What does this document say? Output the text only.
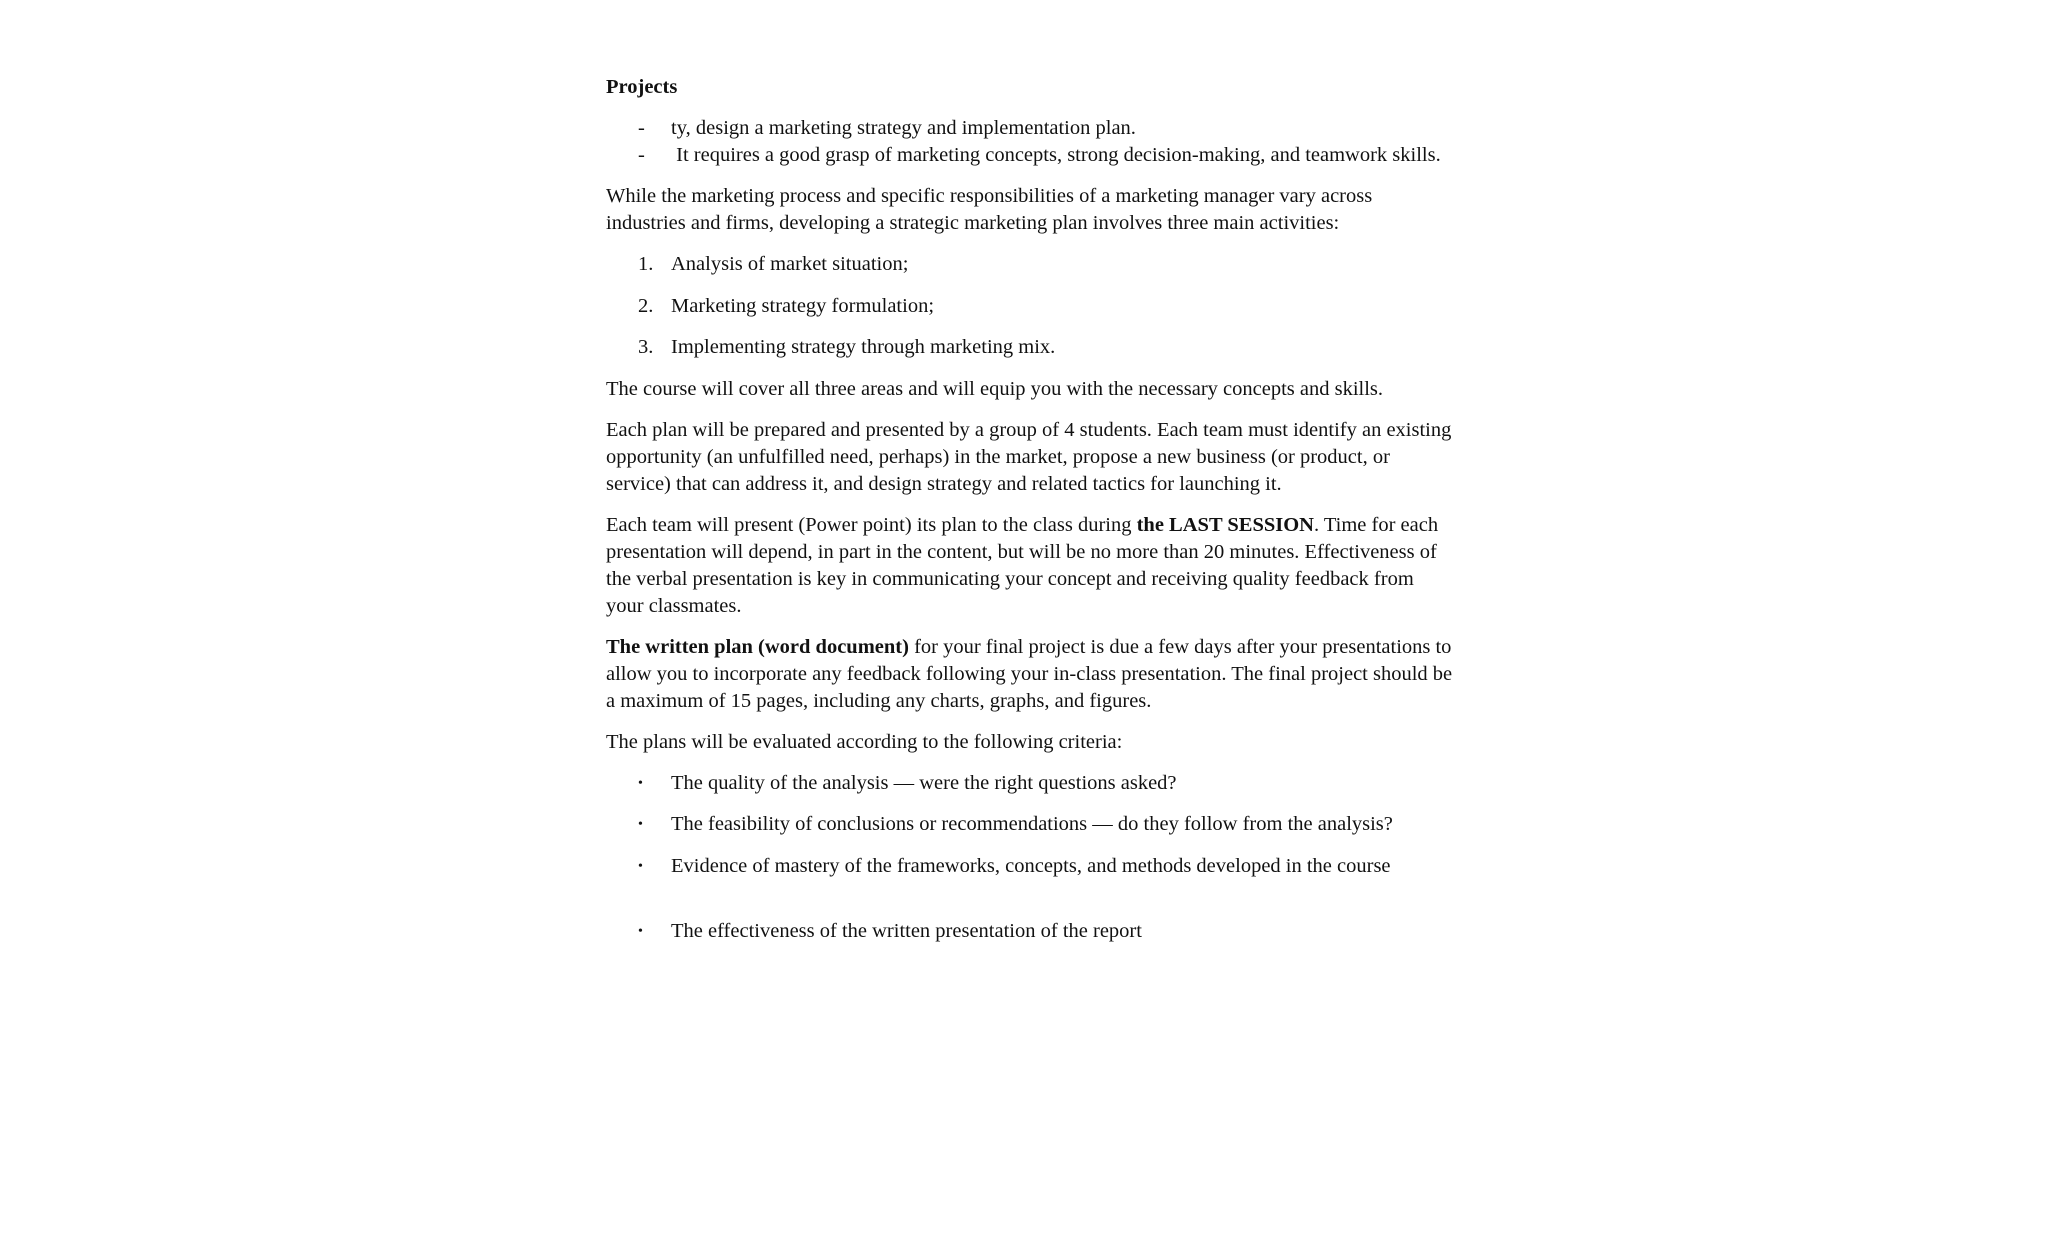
Projects
- ty, design a marketing strategy and implementation plan.
- It requires a good grasp of marketing concepts, strong decision-making, and teamwork skills.

While the marketing process and specific responsibilities of a marketing manager vary across industries and firms, developing a strategic marketing plan involves three main activities:

1. Analysis of market situation;
2. Marketing strategy formulation;
3. Implementing strategy through marketing mix.

The course will cover all three areas and will equip you with the necessary concepts and skills.

Each plan will be prepared and presented by a group of 4 students. Each team must identify an existing opportunity (an unfulfilled need, perhaps) in the market, propose a new business (or product, or service) that can address it, and design strategy and related tactics for launching it.

Each team will present (Power point) its plan to the class during the LAST SESSION. Time for each presentation will depend, in part in the content, but will be no more than 20 minutes. Effectiveness of the verbal presentation is key in communicating your concept and receiving quality feedback from your classmates.

The written plan (word document) for your final project is due a few days after your presentations to allow you to incorporate any feedback following your in-class presentation. The final project should be a maximum of 15 pages, including any charts, graphs, and figures.

The plans will be evaluated according to the following criteria:

• The quality of the analysis — were the right questions asked?
• The feasibility of conclusions or recommendations — do they follow from the analysis?
• Evidence of mastery of the frameworks, concepts, and methods developed in the course
• The effectiveness of the written presentation of the report
